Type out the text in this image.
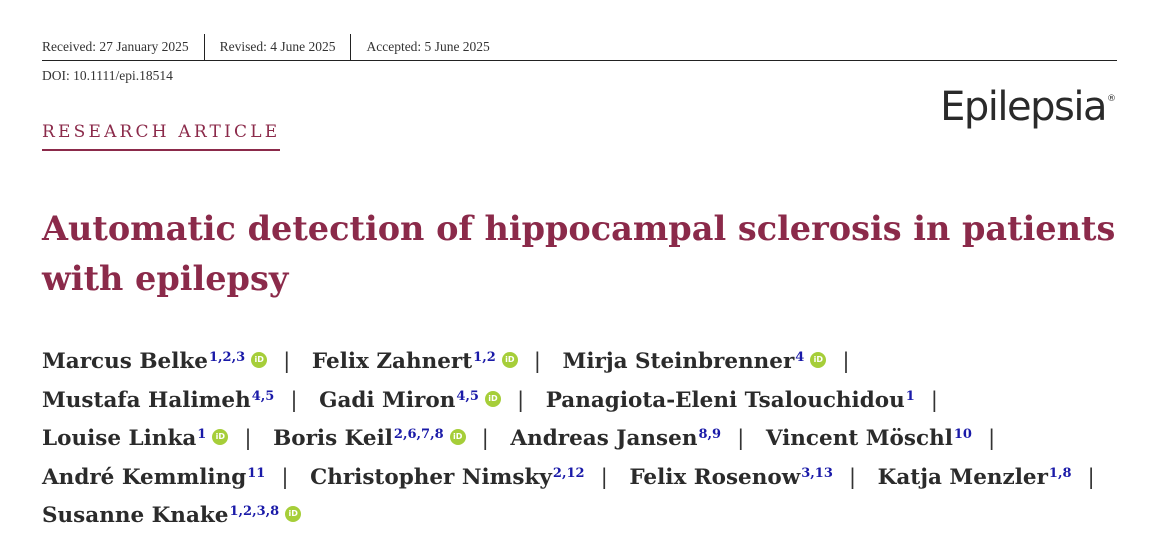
Received: 27 January 2025 Revised: 4 June 2025 Accepted: 5 June 2025
DOI: 10.1111/epi.18514
Epilepsia®
RESEARCH ARTICLE
Automatic detection of hippocampal sclerosis in patients with epilepsy
Marcus Belke$^{1,2,3}$ iD | Felix Zahnert$^{1,2}$ iD | Mirja Steinbrenner$^4$ iD |
Mustafa Halimeh$^{4,5}$ | Gadi Miron$^{4,5}$ iD | Panagiota-Eleni Tsalouchidou$^1$ |
Louise Linka$^1$ iD | Boris Keil$^{2,6,7,8}$ iD | Andreas Jansen$^{8,9}$ | Vincent Möschl$^{10}$ |
André Kemmling$^{11}$ | Christopher Nimsky$^{2,12}$ | Felix Rosenow$^{3,13}$ | Katja Menzler$^{1,8}$ |
Susanne Knake$^{1,2,3,8}$ iD
